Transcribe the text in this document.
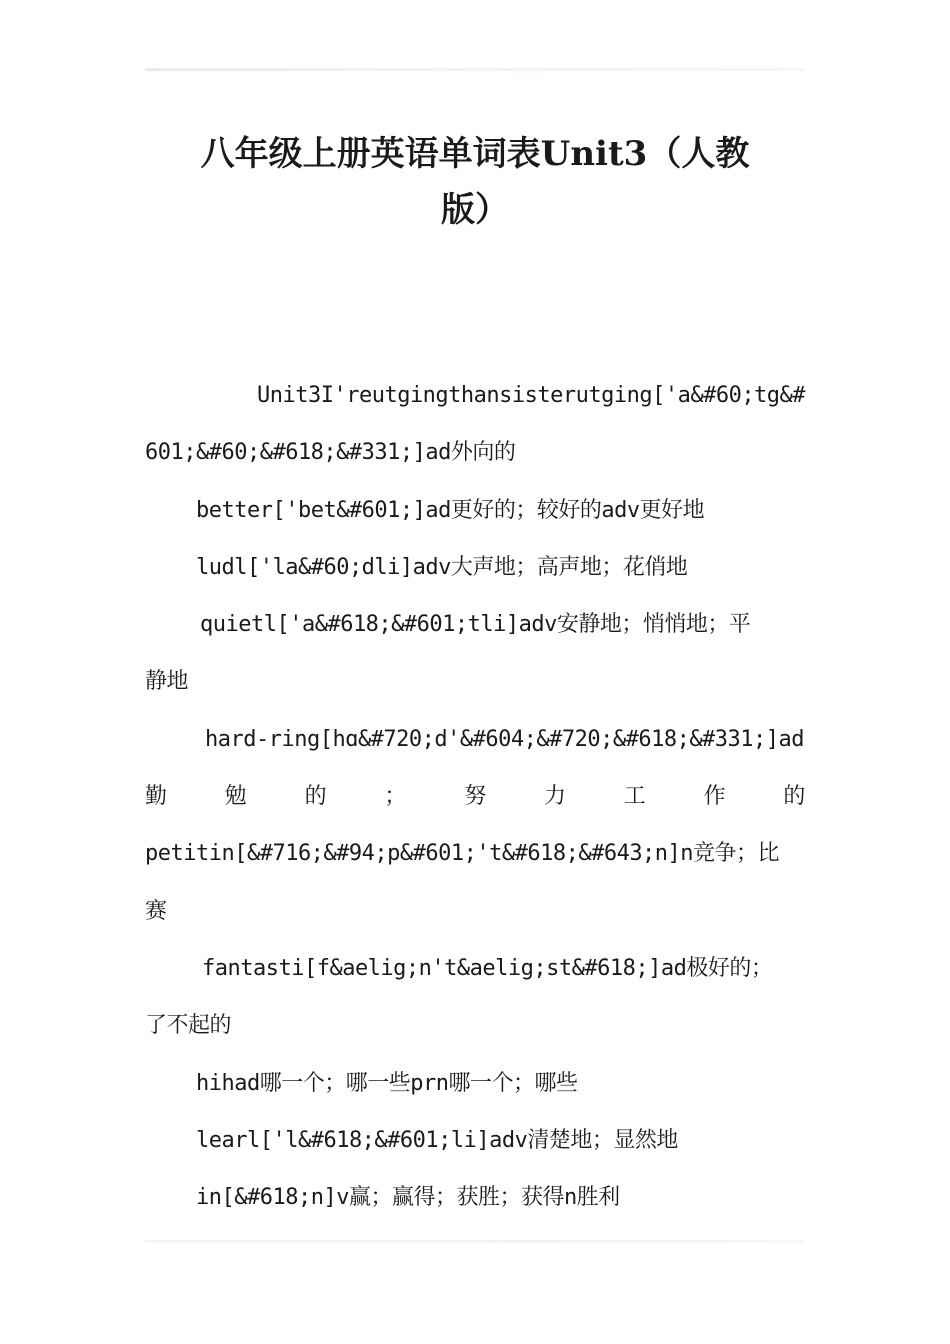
八年级上册英语单词表Unit3（人教
版）

Unit3I'reutgingthansisterutging['a&#60;tg&#
601;&#60;&#618;&#331;]ad外向的

better['bet&#601;]ad更好的；较好的adv更好地

ludl['la&#60;dli]adv大声地；高声地；花俏地

quietl['a&#618;&#601;tli]adv安静地；悄悄地；平
静地

hard-ring[hɑ&#720;d'&#604;&#720;&#618;&#331;]ad
勤	勉	的	；	努	力	工	作	的
petitin[&#716;&#94;p&#601;'t&#618;&#643;n]n竞争；比
赛

fantasti[f&aelig;n't&aelig;st&#618;]ad极好的；
了不起的

hihad哪一个；哪一些prn哪一个；哪些

learl['l&#618;&#601;li]adv清楚地；显然地

in[&#618;n]v赢；赢得；获胜；获得n胜利
